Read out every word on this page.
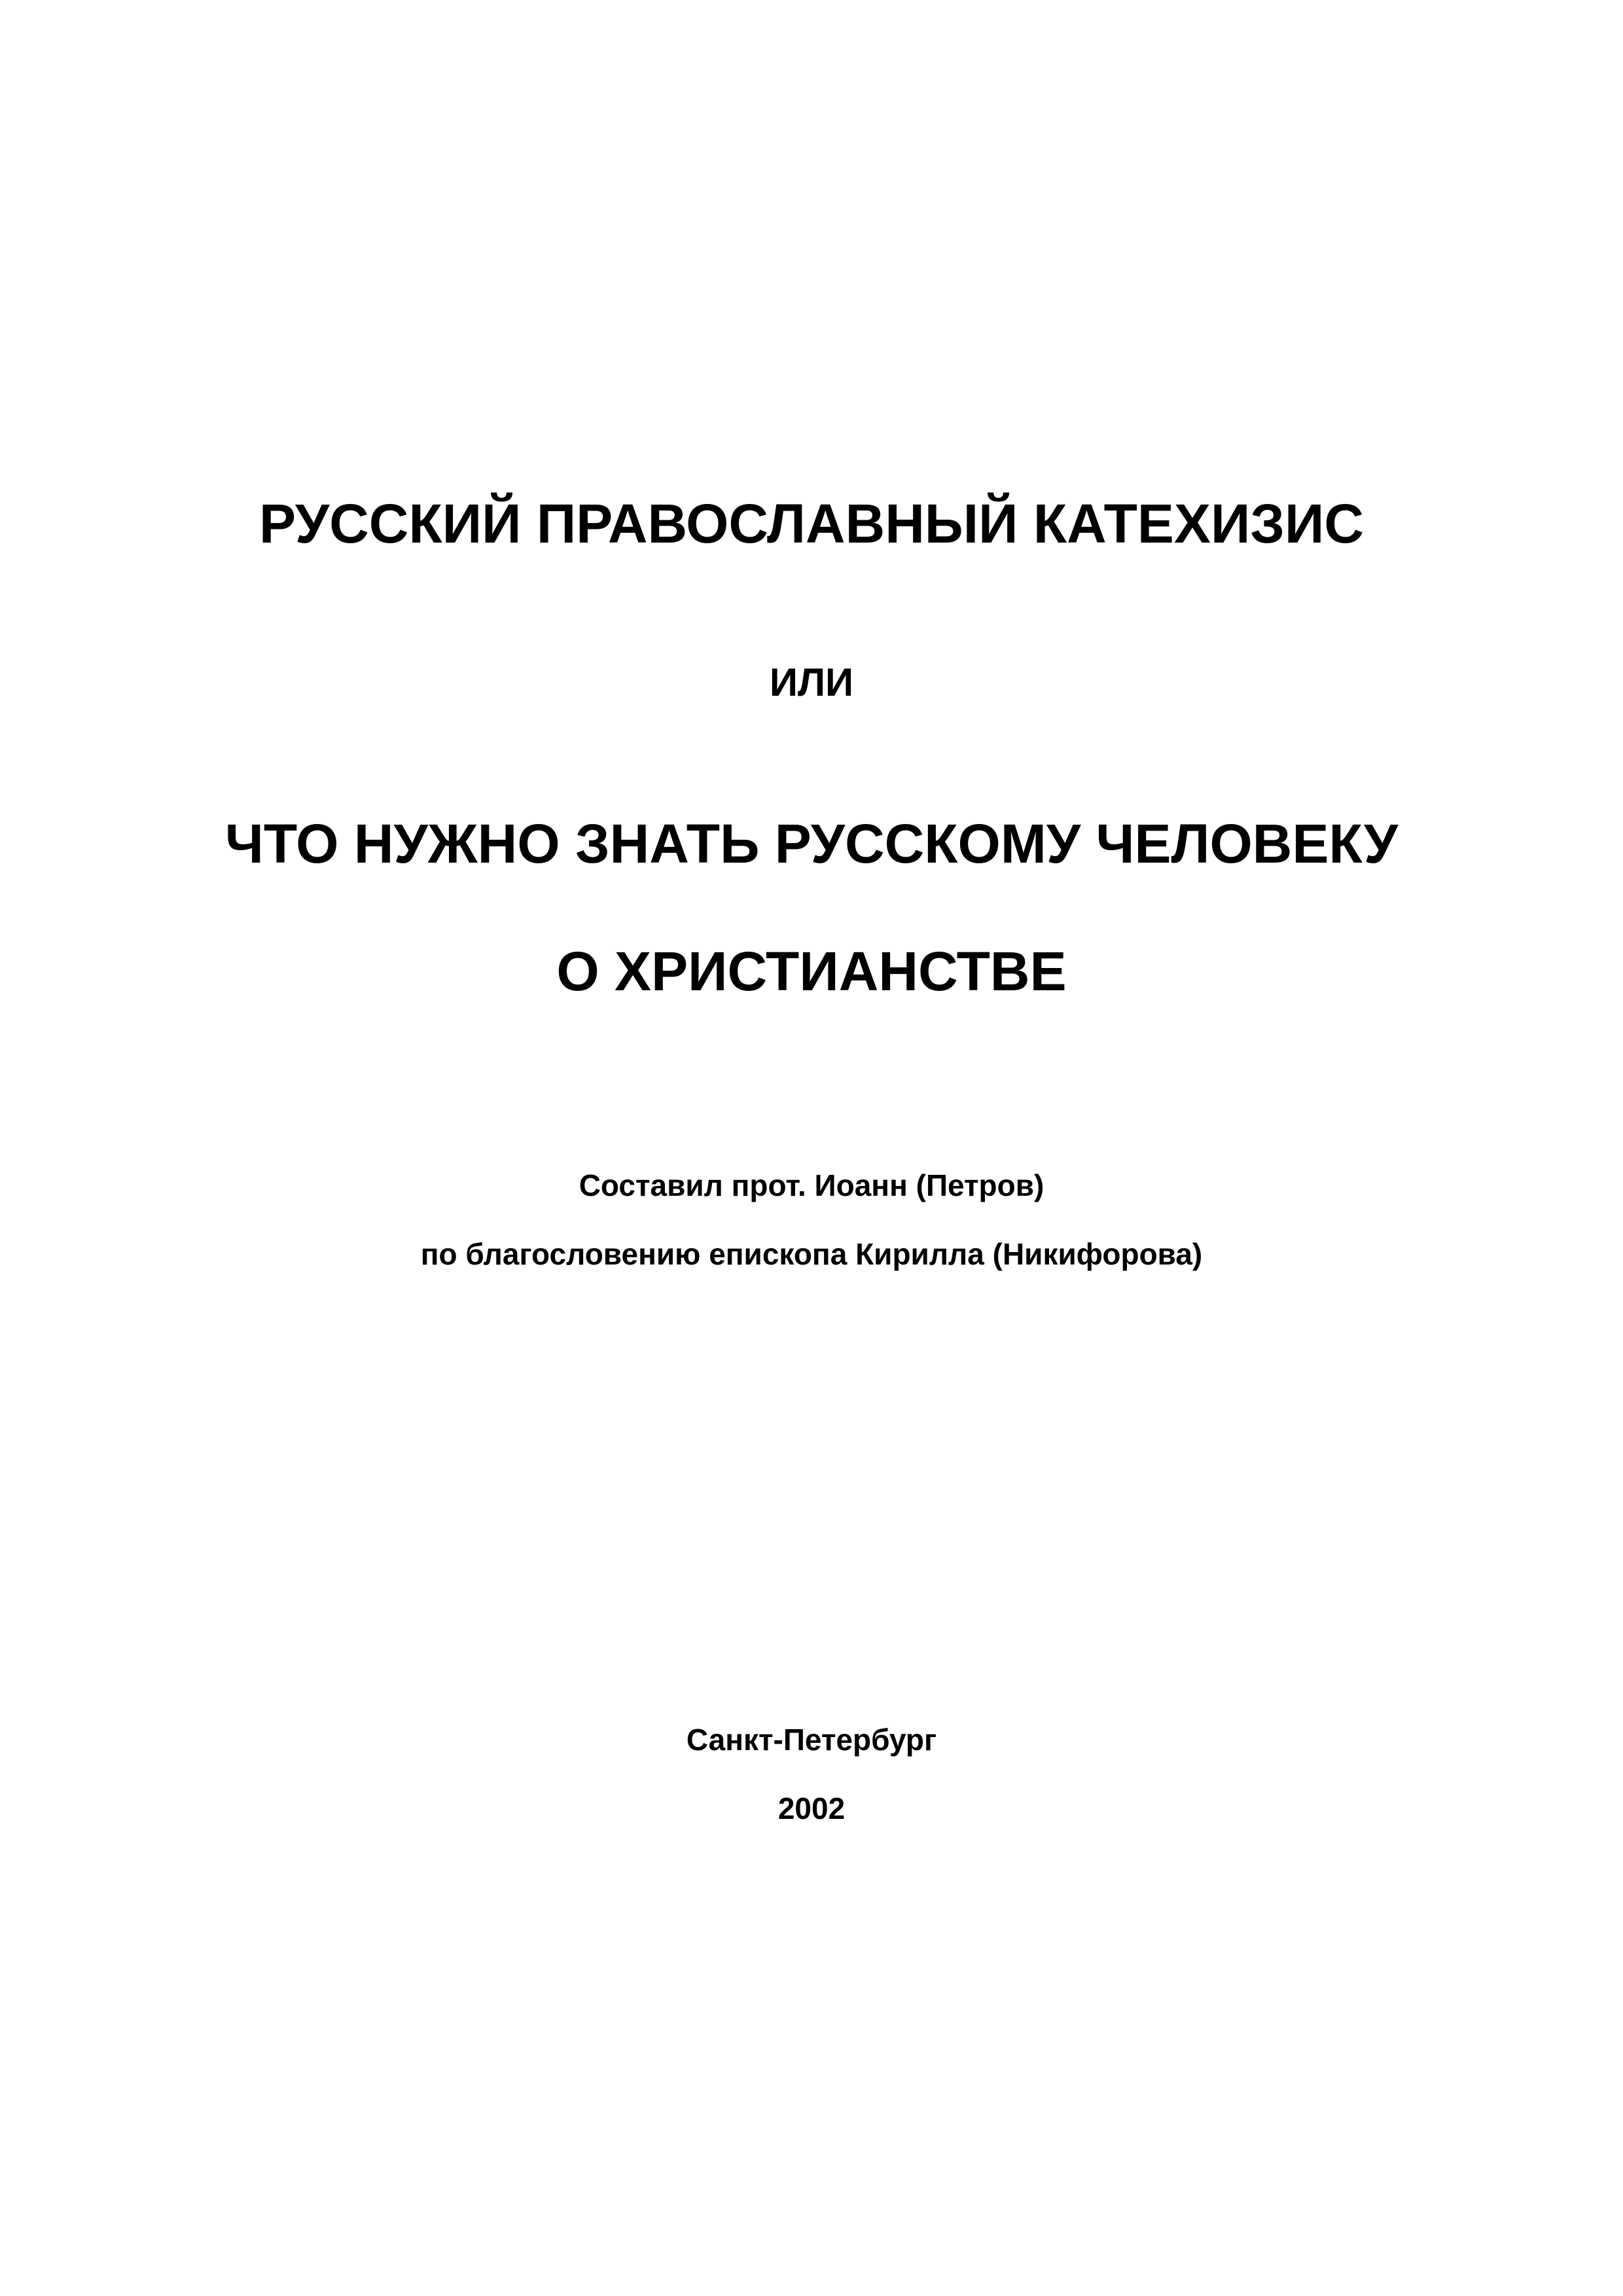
РУССКИЙ ПРАВОСЛАВНЫЙ КАТЕХИЗИС
ИЛИ
ЧТО НУЖНО ЗНАТЬ РУССКОМУ ЧЕЛОВЕКУ
О ХРИСТИАНСТВЕ
Составил прот. Иоанн (Петров)
по благословению епископа Кирилла (Никифорова)
Санкт-Петербург
2002
